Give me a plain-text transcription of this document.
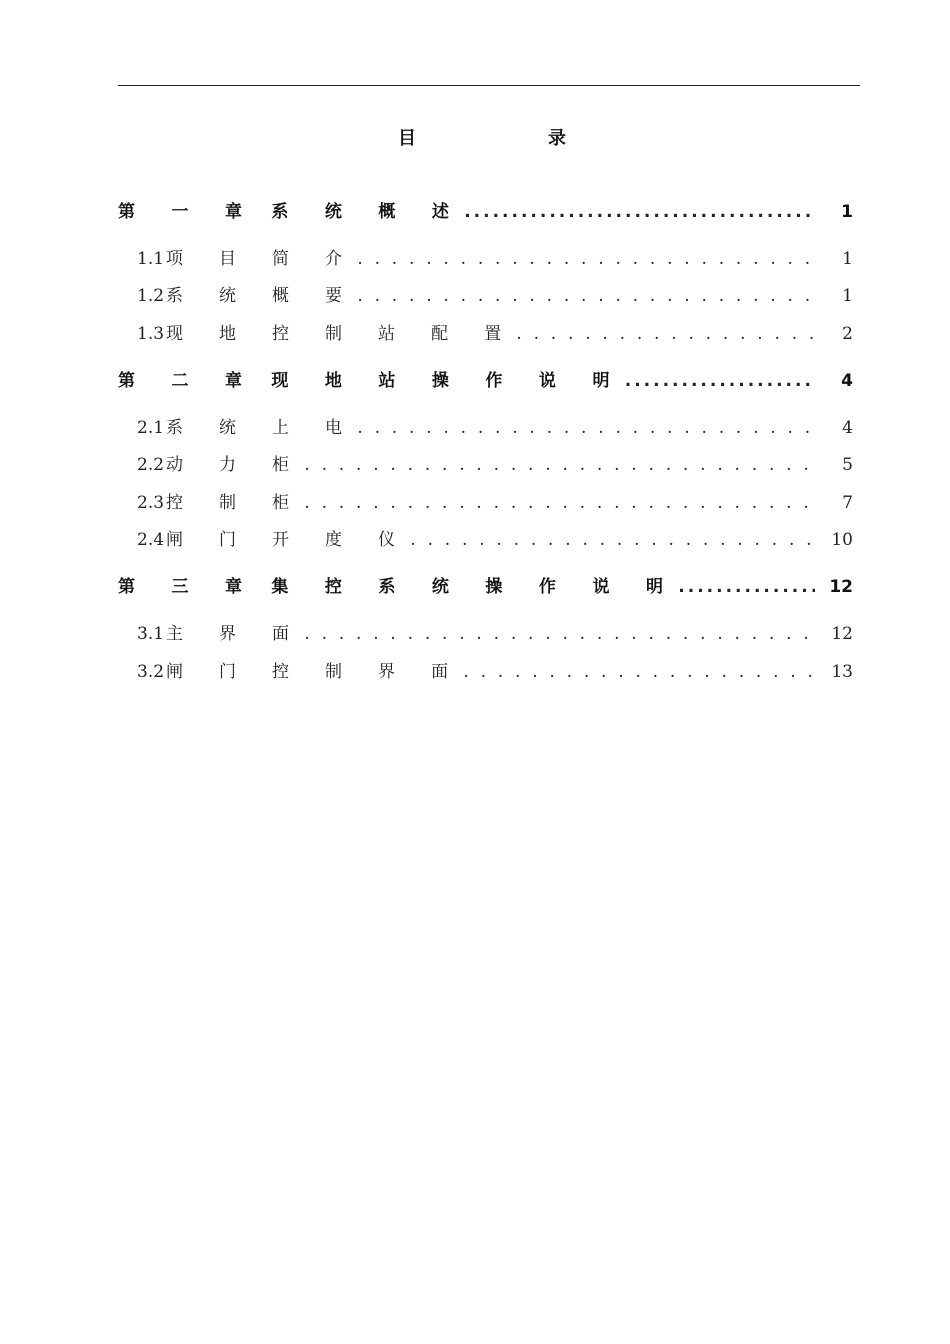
目	录
第 一 章 系 统 概 述 .....	1
1.1 项 目 简 介 . . .	1
1.2 系 统 概 要 . . .	1
1.3 现 地 控 制 站 配 置 . . .	2
第 二 章 现 地 站 操 作 说 明 .....	4
2.1 系 统 上 电 . . .	4
2.2 动 力 柜 . . .	5
2.3 控 制 柜 . . .	7
2.4 闸 门 开 度 仪 . . .	10
第 三 章 集 控 系 统 操 作 说 明 .....	12
3.1 主 界 面 . . .	12
3.2 闸 门 控 制 界 面 . . .	13
